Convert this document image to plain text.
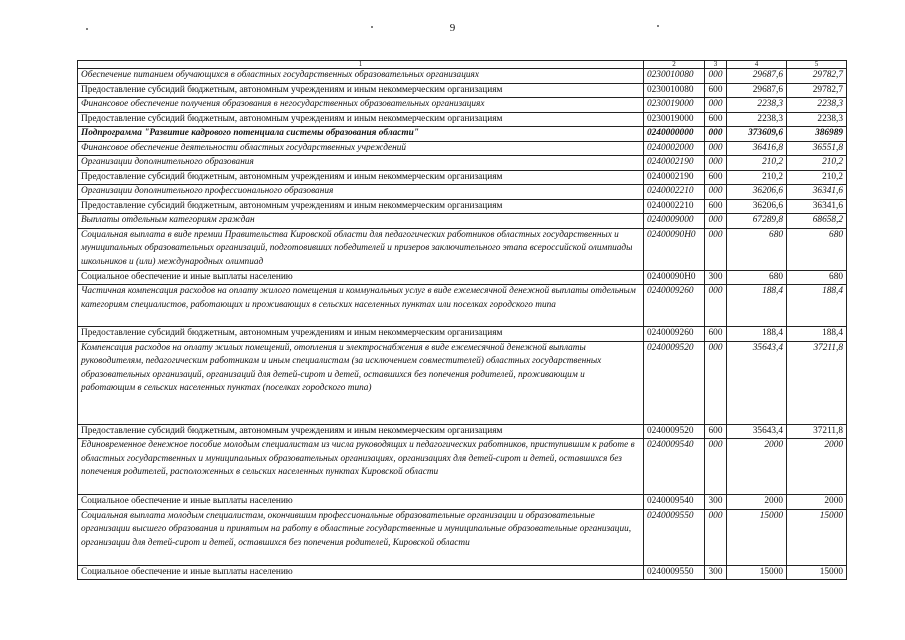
9
1	2	3	4	5
Обеспечение питанием обучающихся в областных государственных образовательных организациях	0230010080	000	29687,6	29782,7
Предоставление субсидий бюджетным, автономным учреждениям и иным некоммерческим организациям	0230010080	600	29687,6	29782,7
Финансовое обеспечение получения образования в негосударственных образовательных организациях	0230019000	000	2238,3	2238,3
Предоставление субсидий бюджетным, автономным учреждениям и иным некоммерческим организациям	0230019000	600	2238,3	2238,3
Подпрограмма "Развитие кадрового потенциала системы образования области"	0240000000	000	373609,6	386989
Финансовое обеспечение деятельности областных государственных учреждений	0240002000	000	36416,8	36551,8
Организации дополнительного образования	0240002190	000	210,2	210,2
Предоставление субсидий бюджетным, автономным учреждениям и иным некоммерческим организациям	0240002190	600	210,2	210,2
Организации дополнительного профессионального образования	0240002210	000	36206,6	36341,6
Предоставление субсидий бюджетным, автономным учреждениям и иным некоммерческим организациям	0240002210	600	36206,6	36341,6
Выплаты отдельным категориям граждан	0240009000	000	67289,8	68658,2
Социальная выплата в виде премии Правительства Кировской области для педагогических работников областных государственных и муниципальных образовательных организаций, подготовивших победителей и призеров заключительного этапа всероссийской олимпиады школьников и (или) международных олимпиад	02400090Н0	000	680	680
Социальное обеспечение и иные выплаты населению	02400090Н0	300	680	680
Частичная компенсация расходов на оплату жилого помещения и коммунальных услуг в виде ежемесячной денежной выплаты отдельным категориям специалистов, работающих и проживающих в сельских населенных пунктах или поселках городского типа	0240009260	000	188,4	188,4
Предоставление субсидий бюджетным, автономным учреждениям и иным некоммерческим организациям	0240009260	600	188,4	188,4
Компенсация расходов на оплату жилых помещений, отопления и электроснабжения в виде ежемесячной денежной выплаты руководителям, педагогическим работникам и иным специалистам (за исключением совместителей) областных государственных образовательных организаций, организаций для детей-сирот и детей, оставшихся без попечения родителей, проживающим и работающим в сельских населенных пунктах (поселках городского типа)	0240009520	000	35643,4	37211,8
Предоставление субсидий бюджетным, автономным учреждениям и иным некоммерческим организациям	0240009520	600	35643,4	37211,8
Единовременное денежное пособие молодым специалистам из числа руководящих и педагогических работников, приступившим к работе в областных государственных и муниципальных образовательных организациях, организациях для детей-сирот и детей, оставшихся без попечения родителей, расположенных в сельских населенных пунктах Кировской области	0240009540	000	2000	2000
Социальное обеспечение и иные выплаты населению	0240009540	300	2000	2000
Социальная выплата молодым специалистам, окончившим профессиональные образовательные организации и образовательные организации высшего образования и принятым на работу в областные государственные и муниципальные образовательные организации, организации для детей-сирот и детей, оставшихся без попечения родителей, Кировской области	0240009550	000	15000	15000
Социальное обеспечение и иные выплаты населению	0240009550	300	15000	15000
